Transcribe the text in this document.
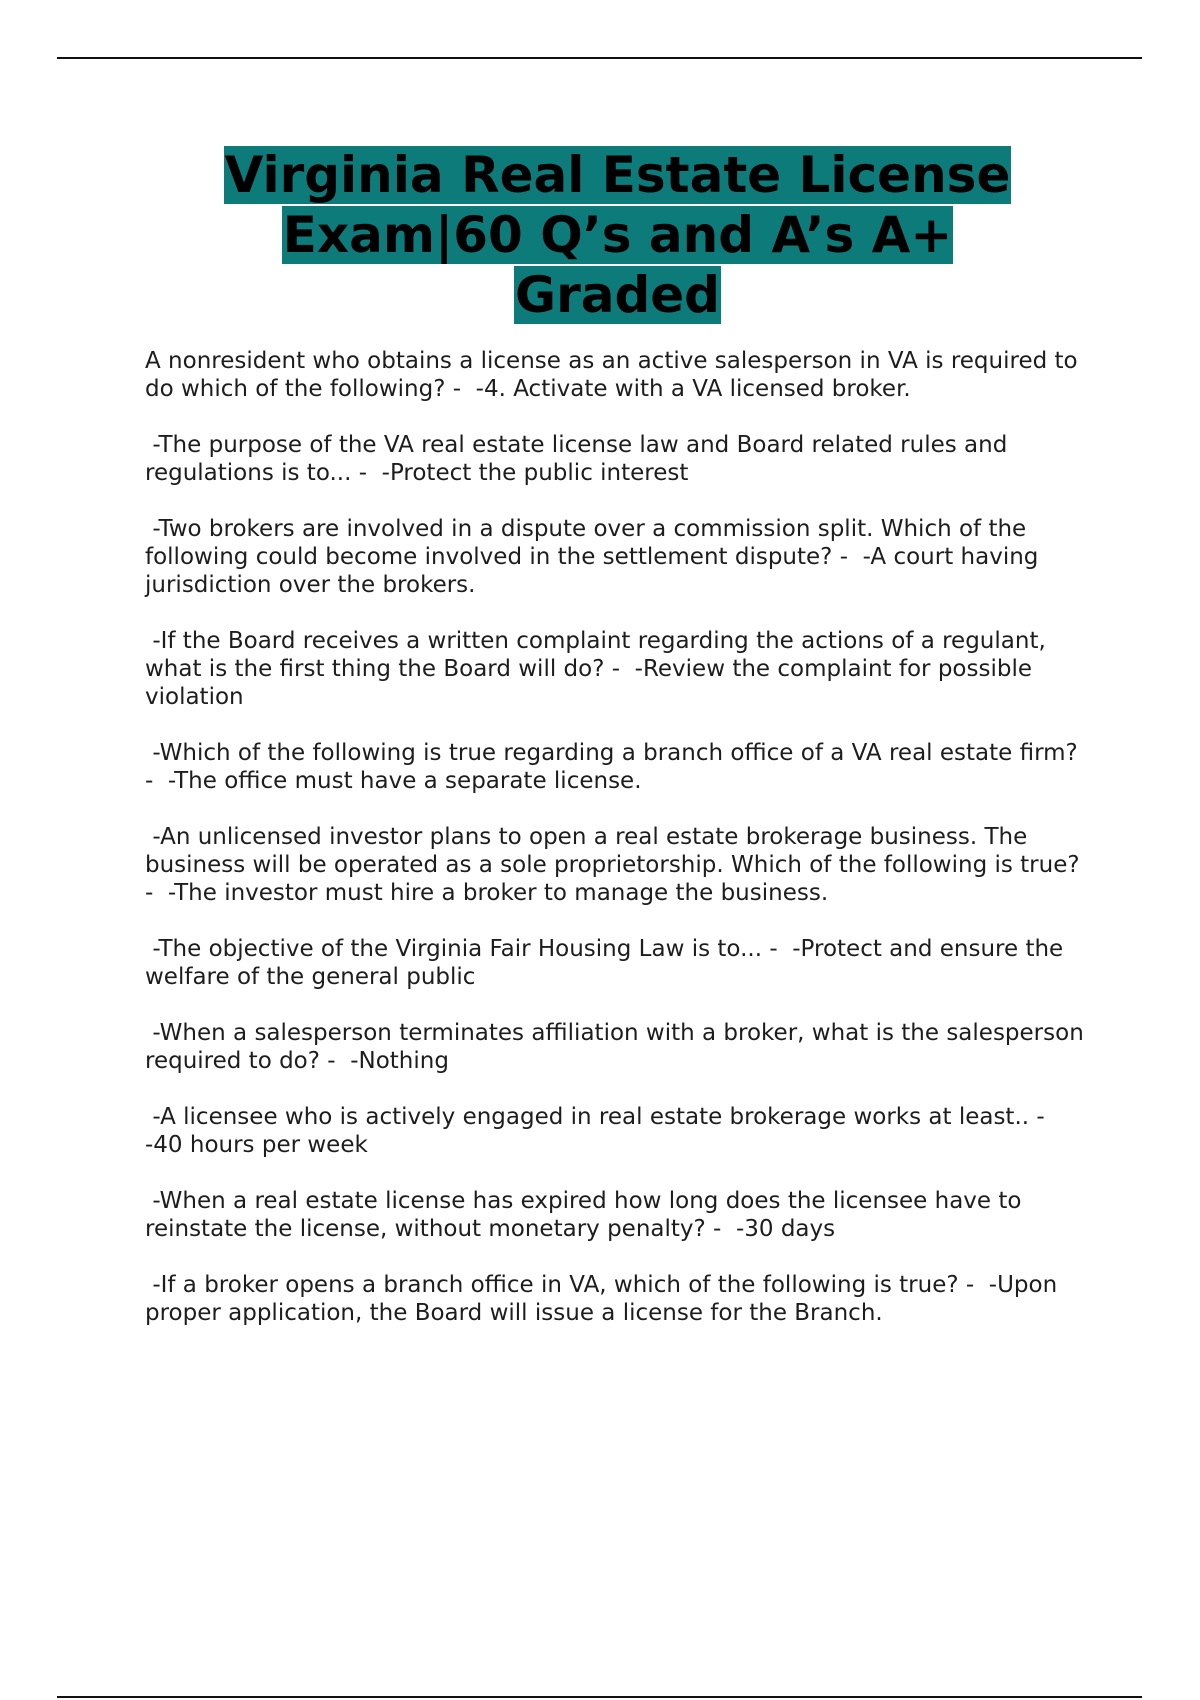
Virginia Real Estate License
Exam|60 Q’s and A’s A+
Graded

A nonresident who obtains a license as an active salesperson in VA is required to do which of the following? -  -4. Activate with a VA licensed broker.

-The purpose of the VA real estate license law and Board related rules and regulations is to... -  -Protect the public interest

-Two brokers are involved in a dispute over a commission split. Which of the following could become involved in the settlement dispute? -  -A court having jurisdiction over the brokers.

-If the Board receives a written complaint regarding the actions of a regulant, what is the first thing the Board will do? -  -Review the complaint for possible violation

-Which of the following is true regarding a branch office of a VA real estate firm? -  -The office must have a separate license.

-An unlicensed investor plans to open a real estate brokerage business. The business will be operated as a sole proprietorship. Which of the following is true? -  -The investor must hire a broker to manage the business.

-The objective of the Virginia Fair Housing Law is to... -  -Protect and ensure the welfare of the general public

-When a salesperson terminates affiliation with a broker, what is the salesperson required to do? -  -Nothing

-A licensee who is actively engaged in real estate brokerage works at least.. -  -40 hours per week

-When a real estate license has expired how long does the licensee have to reinstate the license, without monetary penalty? -  -30 days

-If a broker opens a branch office in VA, which of the following is true? -  -Upon proper application, the Board will issue a license for the Branch.
